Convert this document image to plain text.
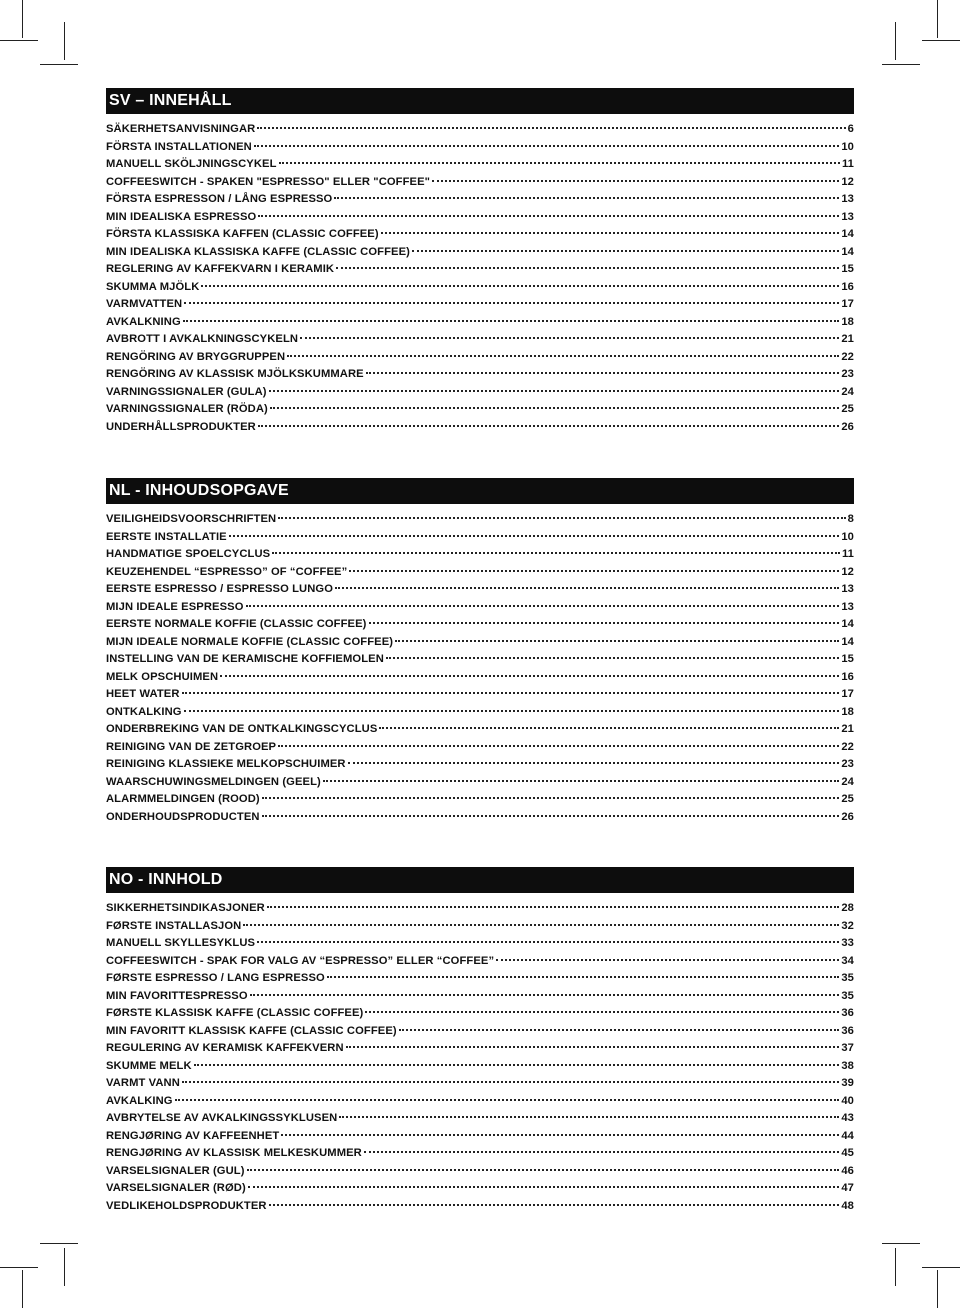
SV – INNEHÅLL
SÄKERHETSANVISNINGAR	6
FÖRSTA INSTALLATIONEN	10
MANUELL SKÖLJNINGSCYKEL	11
COFFEESWITCH - SPAKEN "ESPRESSO" ELLER "COFFEE"	12
FÖRSTA ESPRESSON / LÅNG ESPRESSO	13
MIN IDEALISKA ESPRESSO	13
FÖRSTA KLASSISKA KAFFEN (CLASSIC COFFEE)	14
MIN IDEALISKA KLASSISKA KAFFE (CLASSIC COFFEE)	14
REGLERING AV KAFFEKVARN I KERAMIK	15
SKUMMA MJÖLK	16
VARMVATTEN	17
AVKALKNING	18
AVBROTT I AVKALKNINGSCYKELN	21
RENGÖRING AV BRYGGRUPPEN	22
RENGÖRING AV KLASSISK MJÖLKSKUMMARE	23
VARNINGSSIGNALER (GULA)	24
VARNINGSSIGNALER (RÖDA)	25
UNDERHÅLLSPRODUKTER	26
NL - INHOUDSOPGAVE
VEILIGHEIDSVOORSCHRIFTEN	8
EERSTE INSTALLATIE	10
HANDMATIGE SPOELCYCLUS	11
KEUZEHENDEL “ESPRESSO” OF “COFFEE”	12
EERSTE ESPRESSO / ESPRESSO LUNGO	13
MIJN IDEALE ESPRESSO	13
EERSTE NORMALE KOFFIE (CLASSIC COFFEE)	14
MIJN IDEALE NORMALE KOFFIE (CLASSIC COFFEE)	14
INSTELLING VAN DE KERAMISCHE KOFFIEMOLEN	15
MELK OPSCHUIMEN	16
HEET WATER	17
ONTKALKING	18
ONDERBREKING VAN DE ONTKALKINGSCYCLUS	21
REINIGING VAN DE ZETGROEP	22
REINIGING KLASSIEKE MELKOPSCHUIMER	23
WAARSCHUWINGSMELDINGEN (GEEL)	24
ALARMMELDINGEN (ROOD)	25
ONDERHOUDSPRODUCTEN	26
NO - INNHOLD
SIKKERHETSINDIKASJONER	28
FØRSTE INSTALLASJON	32
MANUELL SKYLLESYKLUS	33
COFFEESWITCH - SPAK FOR VALG AV “ESPRESSO” ELLER “COFFEE”	34
FØRSTE ESPRESSO / LANG ESPRESSO	35
MIN FAVORITTESPRESSO	35
FØRSTE KLASSISK KAFFE (CLASSIC COFFEE)	36
MIN FAVORITT KLASSISK KAFFE (CLASSIC COFFEE)	36
REGULERING AV KERAMISK KAFFEKVERN	37
SKUMME MELK	38
VARMT VANN	39
AVKALKING	40
AVBRYTELSE AV AVKALKINGSSYKLUSEN	43
RENGJØRING AV KAFFEENHET	44
RENGJØRING AV KLASSISK MELKESKUMMER	45
VARSELSIGNALER (GUL)	46
VARSELSIGNALER (RØD)	47
VEDLIKEHOLDSPRODUKTER	48
